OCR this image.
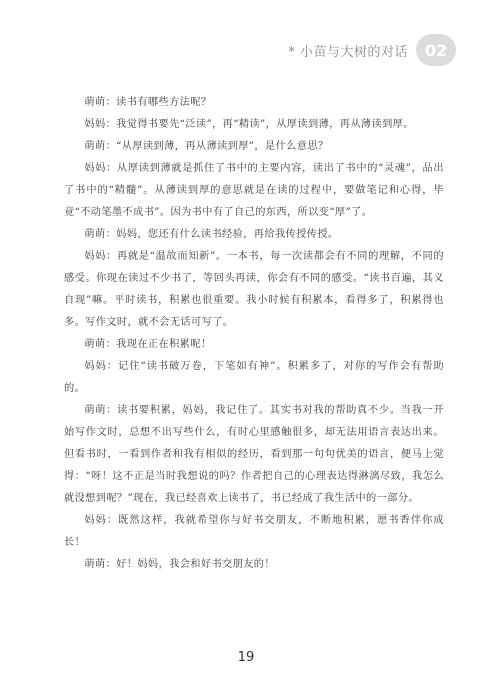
* 小苗与大树的对话	02

萌萌：读书有哪些方法呢？

妈妈：我觉得书要先“泛读”，再“精读”，从厚读到薄，再从薄读到厚。

萌萌：“从厚读到薄，再从薄读到厚”，是什么意思？

妈妈：从厚读到薄就是抓住了书中的主要内容，读出了书中的“灵魂”，品出了书中的“精髓”。从薄读到厚的意思就是在读的过程中，要做笔记和心得，毕竟“不动笔墨不成书”。因为书中有了自己的东西，所以变“厚”了。

萌萌：妈妈，您还有什么读书经验，再给我传授传授。

妈妈：再就是“温故而知新”。一本书，每一次读都会有不同的理解，不同的感受。你现在读过不少书了，等回头再读，你会有不同的感受。“读书百遍，其义自现”嘛。平时读书，积累也很重要。我小时候有积累本，看得多了，积累得也多。写作文时，就不会无话可写了。

萌萌：我现在正在积累呢！

妈妈：记住“读书破万卷，下笔如有神”。积累多了，对你的写作会有帮助的。

萌萌：读书要积累，妈妈，我记住了。其实书对我的帮助真不少。当我一开始写作文时，总想不出写些什么，有时心里感触很多，却无法用语言表达出来。但看书时，一看到作者和我有相似的经历，看到那一句句优美的语言，便马上觉得：“呀！这不正是当时我想说的吗？作者把自己的心理表达得淋漓尽致，我怎么就没想到呢？”现在，我已经喜欢上读书了，书已经成了我生活中的一部分。

妈妈：既然这样，我就希望你与好书交朋友，不断地积累，愿书香伴你成长！

萌萌：好！妈妈，我会和好书交朋友的！

19
